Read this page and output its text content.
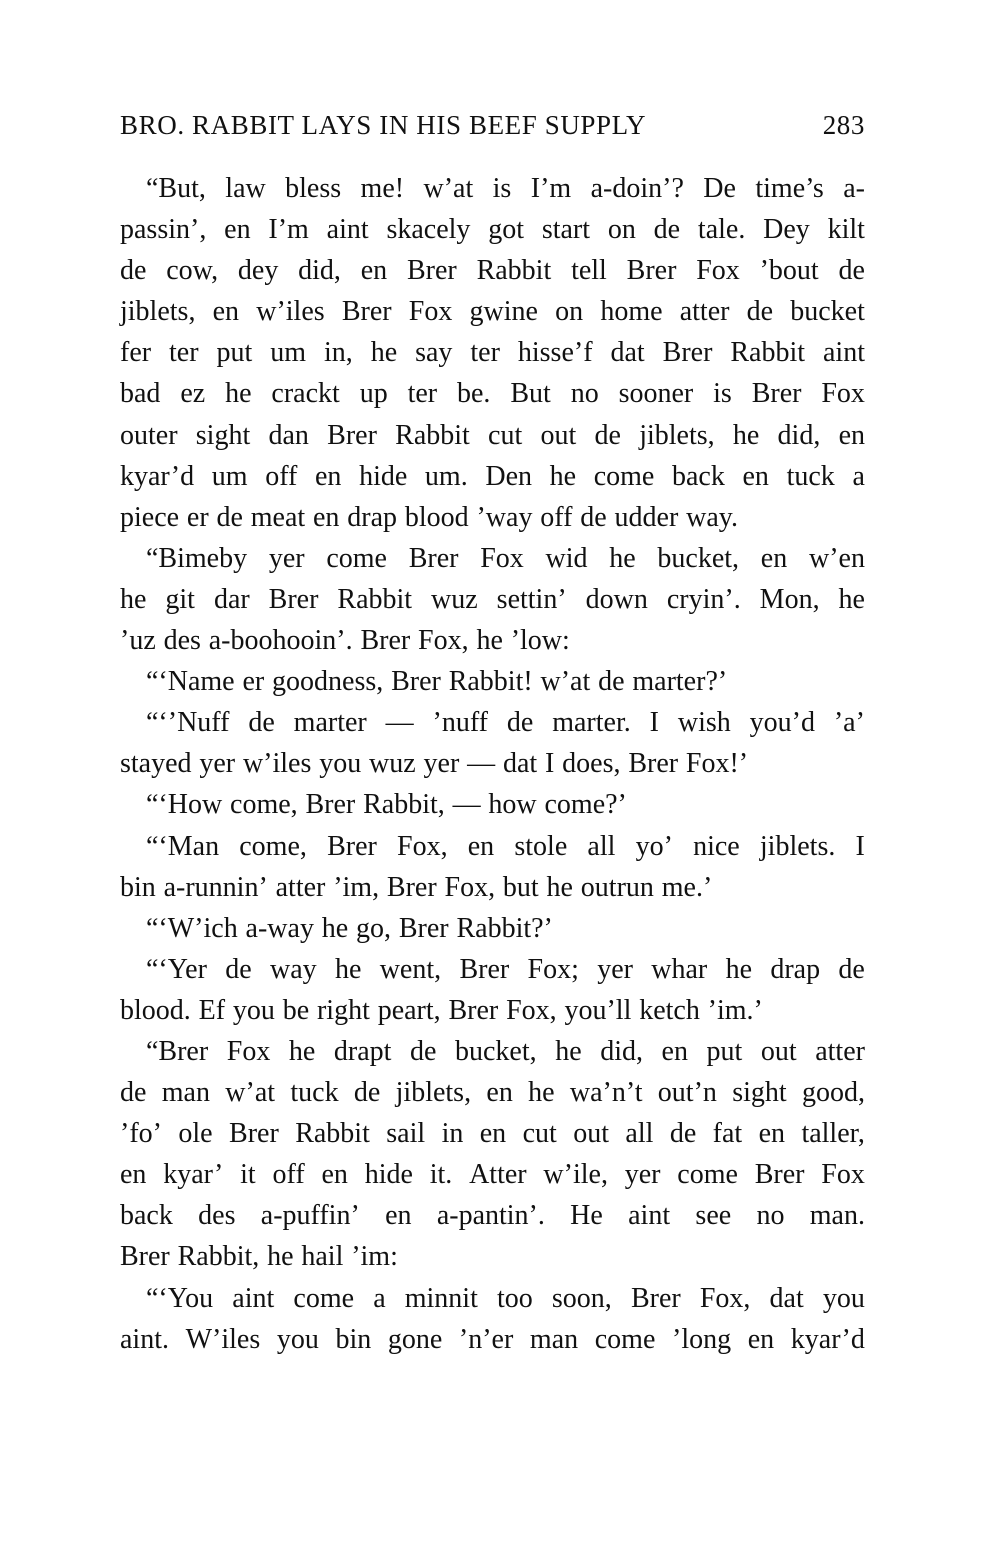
BRO. RABBIT LAYS IN HIS BEEF SUPPLY	283
“But, law bless me! w’at is I’m a-doin’? De time’s a-
passin’, en I’m aint skacely got start on de tale. Dey kilt
de cow, dey did, en Brer Rabbit tell Brer Fox ’bout de
jiblets, en w’iles Brer Fox gwine on home atter de bucket
fer ter put um in, he say ter hisse’f dat Brer Rabbit aint
bad ez he crackt up ter be. But no sooner is Brer Fox
outer sight dan Brer Rabbit cut out de jiblets, he did, en
kyar’d um off en hide um. Den he come back en tuck a
piece er de meat en drap blood ’way off de udder way.
“Bimeby yer come Brer Fox wid he bucket, en w’en
he git dar Brer Rabbit wuz settin’ down cryin’. Mon, he
’uz des a-boohooin’. Brer Fox, he ’low:
“‘Name er goodness, Brer Rabbit! w’at de marter?’
“‘’Nuff de marter — ’nuff de marter. I wish you’d ’a’
stayed yer w’iles you wuz yer — dat I does, Brer Fox!’
“‘How come, Brer Rabbit, — how come?’
“‘Man come, Brer Fox, en stole all yo’ nice jiblets. I
bin a-runnin’ atter ’im, Brer Fox, but he outrun me.’
“‘W’ich a-way he go, Brer Rabbit?’
“‘Yer de way he went, Brer Fox; yer whar he drap de
blood. Ef you be right peart, Brer Fox, you’ll ketch ’im.’
“Brer Fox he drapt de bucket, he did, en put out atter
de man w’at tuck de jiblets, en he wa’n’t out’n sight good,
’fo’ ole Brer Rabbit sail in en cut out all de fat en taller,
en kyar’ it off en hide it. Atter w’ile, yer come Brer Fox
back des a-puffin’ en a-pantin’. He aint see no man.
Brer Rabbit, he hail ’im:
“‘You aint come a minnit too soon, Brer Fox, dat you
aint. W’iles you bin gone ’n’er man come ’long en kyar’d
